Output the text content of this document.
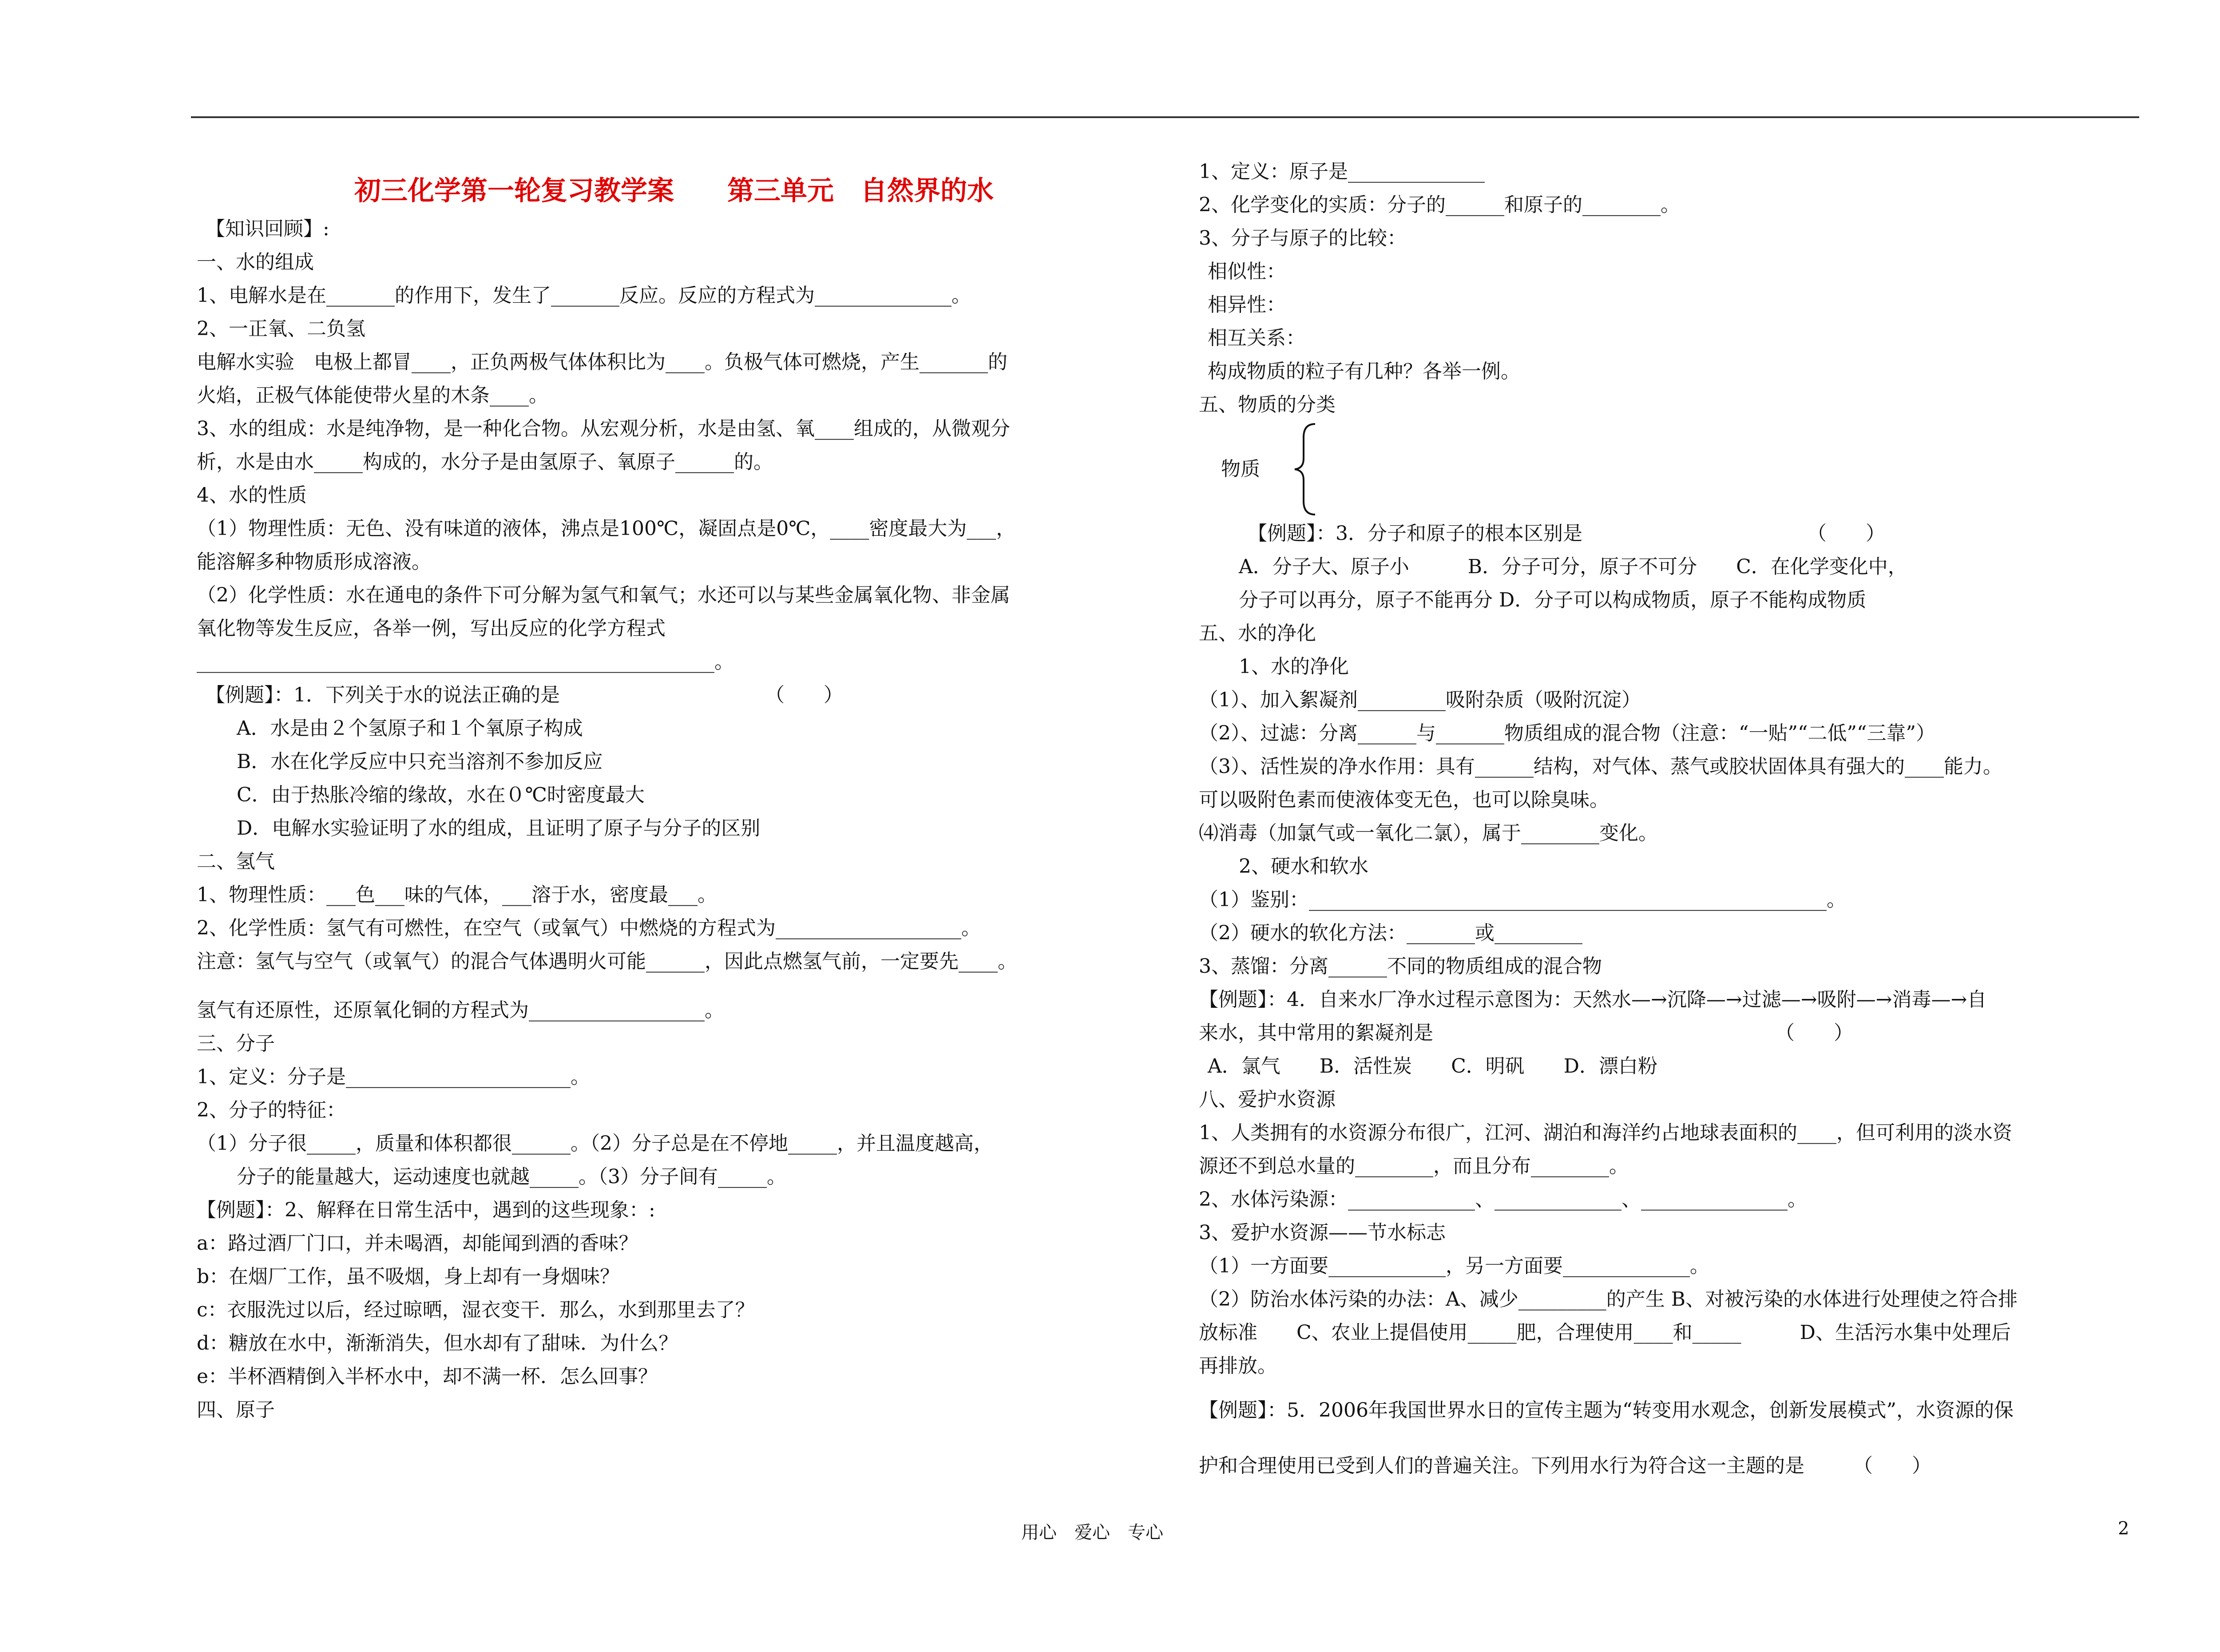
初三化学第一轮复习教学案　　第三单元　自然界的水
【知识回顾】:
一、水的组成
1、电解水是在_______的作用下，发生了_______反应。反应的方程式为______________。
2、一正氧、二负氢
电解水实验　电极上都冒____，正负两极气体体积比为____。负极气体可燃烧，产生_______的
火焰，正极气体能使带火星的木条____。
3、水的组成：水是纯净物，是一种化合物。从宏观分析，水是由氢、氧____组成的，从微观分
析，水是由水_____构成的，水分子是由氢原子、氧原子______的。
4、水的性质
（1）物理性质：无色、没有味道的液体，沸点是100℃，凝固点是0℃，____密度最大为___，
能溶解多种物质形成溶液。
（2）化学性质：水在通电的条件下可分解为氢气和氧气；水还可以与某些金属氧化物、非金属
氧化物等发生反应，各举一例，写出反应的化学方程式
_____________________________________________________。
【例题】：1．下列关于水的说法正确的是　　　　　　　　　　　（　　）
A．水是由２个氢原子和１个氧原子构成
B．水在化学反应中只充当溶剂不参加反应
C．由于热胀冷缩的缘故，水在０℃时密度最大
D．电解水实验证明了水的组成，且证明了原子与分子的区别
二、氢气
1、物理性质：___色___味的气体，___溶于水，密度最___。
2、化学性质：氢气有可燃性，在空气（或氧气）中燃烧的方程式为___________________。
注意：氢气与空气（或氧气）的混合气体遇明火可能______，因此点燃氢气前，一定要先____。
氢气有还原性，还原氧化铜的方程式为__________________。
三、分子
1、定义：分子是_______________________。
2、分子的特征：
（1）分子很_____，质量和体积都很______。（2）分子总是在不停地_____，并且温度越高，
分子的能量越大，运动速度也就越_____。（3）分子间有_____。
【例题】：2、解释在日常生活中，遇到的这些现象：:
a：路过酒厂门口，并未喝酒，却能闻到酒的香味？
b：在烟厂工作，虽不吸烟，身上却有一身烟味？
c：衣服洗过以后，经过晾晒，湿衣变干．那么，水到那里去了？
d：糖放在水中，渐渐消失，但水却有了甜味．为什么？
e：半杯酒精倒入半杯水中，却不满一杯．怎么回事？
四、原子
1、定义：原子是______________
2、化学变化的实质：分子的______和原子的________。
3、分子与原子的比较：
相似性：
相异性：
相互关系：
构成物质的粒子有几种？各举一例。
五、物质的分类
物质
【例题】：3．分子和原子的根本区别是　　　　　　　　　　　　（　　）
A．分子大、原子小　　　B．分子可分，原子不可分　　C．在化学变化中，
分子可以再分，原子不能再分 D．分子可以构成物质，原子不能构成物质
五、水的净化
1、水的净化
（1）、加入絮凝剂_________吸附杂质（吸附沉淀）
（2）、过滤：分离______与_______物质组成的混合物（注意：“一贴”“二低”“三靠”）
（3）、活性炭的净水作用：具有______结构，对气体、蒸气或胶状固体具有强大的____能力。
可以吸附色素而使液体变无色，也可以除臭味。
⑷消毒（加氯气或一氧化二氯），属于________变化。
2、硬水和软水
（1）鉴别：_____________________________________________________。
（2）硬水的软化方法：_______或_________
3、蒸馏：分离______不同的物质组成的混合物
【例题】：4．自来水厂净水过程示意图为：天然水—→沉降—→过滤—→吸附—→消毒—→自
来水，其中常用的絮凝剂是　　　　　　　　　　　　　　　　　　（　　）
A．氯气　　B．活性炭　　C．明矾　　D．漂白粉
八、爱护水资源
1、人类拥有的水资源分布很广，江河、湖泊和海洋约占地球表面积的____，但可利用的淡水资
源还不到总水量的________，而且分布________。
2、水体污染源：_____________、_____________、_______________。
3、爱护水资源——节水标志
（1）一方面要____________，另一方面要_____________。
（2）防治水体污染的办法：A、减少_________的产生 B、对被污染的水体进行处理使之符合排
放标准　　C、农业上提倡使用_____肥，合理使用____和_____　　　D、生活污水集中处理后
再排放。
【例题】：5．2006年我国世界水日的宣传主题为“转变用水观念，创新发展模式”，水资源的保
护和合理使用已受到人们的普遍关注。下列用水行为符合这一主题的是　　　（　　）
用心　爱心　专心	2
